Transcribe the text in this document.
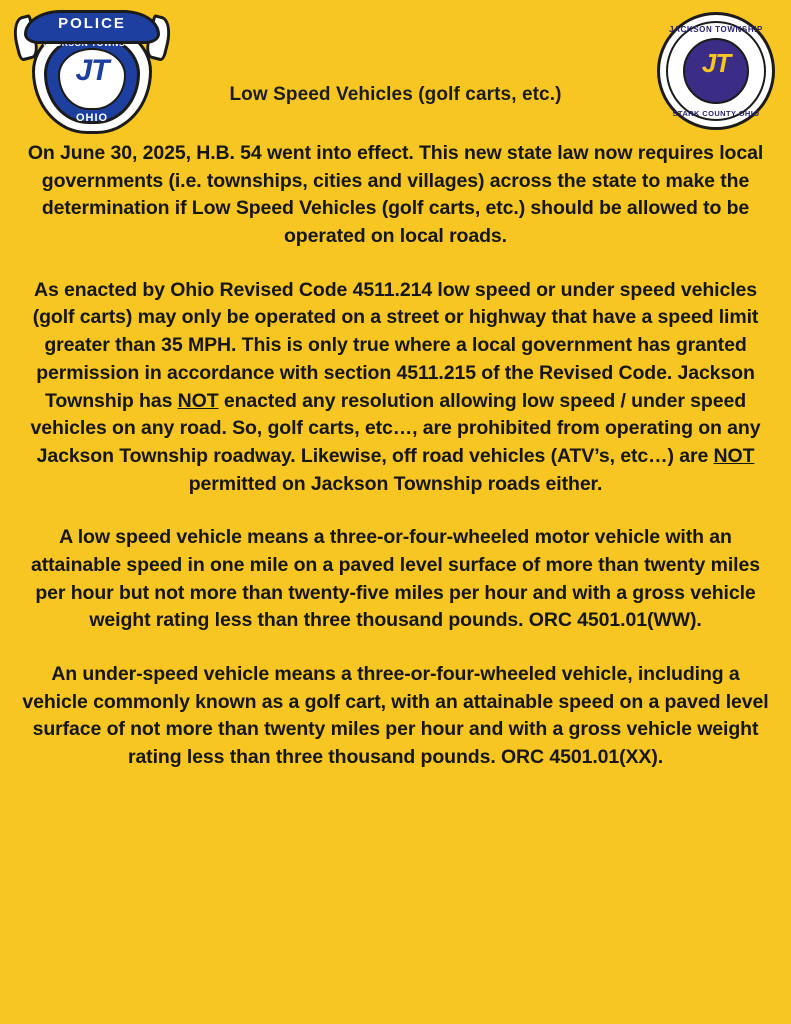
JT
OHIO
POLICE
Low Speed Vehicles (golf carts, etc.)
JACKSON TOWNSHIP
JT
STARK COUNTY OHIO

On June 30, 2025, H.B. 54 went into effect. This new state law now requires local governments (i.e. townships, cities and villages) across the state to make the determination if Low Speed Vehicles (golf carts, etc.) should be allowed to be operated on local roads.

As enacted by Ohio Revised Code 4511.214 low speed or under speed vehicles (golf carts) may only be operated on a street or highway that have a speed limit greater than 35 MPH. This is only true where a local government has granted permission in accordance with section 4511.215 of the Revised Code. Jackson Township has NOT enacted any resolution allowing low speed / under speed vehicles on any road. So, golf carts, etc…, are prohibited from operating on any Jackson Township roadway. Likewise, off road vehicles (ATV’s, etc…) are NOT permitted on Jackson Township roads either.

A low speed vehicle means a three-or-four-wheeled motor vehicle with an attainable speed in one mile on a paved level surface of more than twenty miles per hour but not more than twenty-five miles per hour and with a gross vehicle weight rating less than three thousand pounds. ORC 4501.01(WW).

An under-speed vehicle means a three-or-four-wheeled vehicle, including a vehicle commonly known as a golf cart, with an attainable speed on a paved level surface of not more than twenty miles per hour and with a gross vehicle weight rating less than three thousand pounds. ORC 4501.01(XX).
